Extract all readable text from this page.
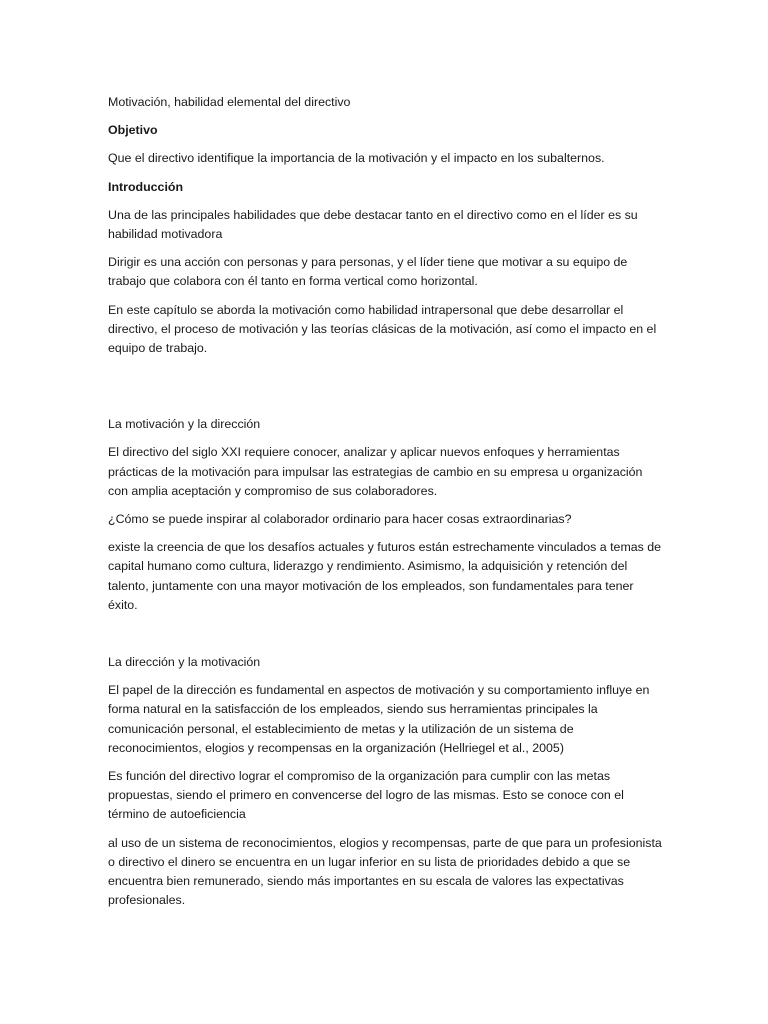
Motivación, habilidad elemental del directivo

Objetivo

Que el directivo identifique la importancia de la motivación y el impacto en los subalternos.

Introducción

Una de las principales habilidades que debe destacar tanto en el directivo como en el líder es su habilidad motivadora

Dirigir es una acción con personas y para personas, y el líder tiene que motivar a su equipo de trabajo que colabora con él tanto en forma vertical como horizontal.

En este capítulo se aborda la motivación como habilidad intrapersonal que debe desarrollar el directivo, el proceso de motivación y las teorías clásicas de la motivación, así como el impacto en el equipo de trabajo.

La motivación y la dirección

El directivo del siglo XXI requiere conocer, analizar y aplicar nuevos enfoques y herramientas prácticas de la motivación para impulsar las estrategias de cambio en su empresa u organización con amplia aceptación y compromiso de sus colaboradores.

¿Cómo se puede inspirar al colaborador ordinario para hacer cosas extraordinarias?

existe la creencia de que los desafíos actuales y futuros están estrechamente vinculados a temas de capital humano como cultura, liderazgo y rendimiento. Asimismo, la adquisición y retención del talento, juntamente con una mayor motivación de los empleados, son fundamentales para tener éxito.

La dirección y la motivación

El papel de la dirección es fundamental en aspectos de motivación y su comportamiento influye en forma natural en la satisfacción de los empleados, siendo sus herramientas principales la comunicación personal, el establecimiento de metas y la utilización de un sistema de reconocimientos, elogios y recompensas en la organización (Hellriegel et al., 2005)

Es función del directivo lograr el compromiso de la organización para cumplir con las metas propuestas, siendo el primero en convencerse del logro de las mismas. Esto se conoce con el término de autoeficiencia

al uso de un sistema de reconocimientos, elogios y recompensas, parte de que para un profesionista o directivo el dinero se encuentra en un lugar inferior en su lista de prioridades debido a que se encuentra bien remunerado, siendo más importantes en su escala de valores las expectativas profesionales.
